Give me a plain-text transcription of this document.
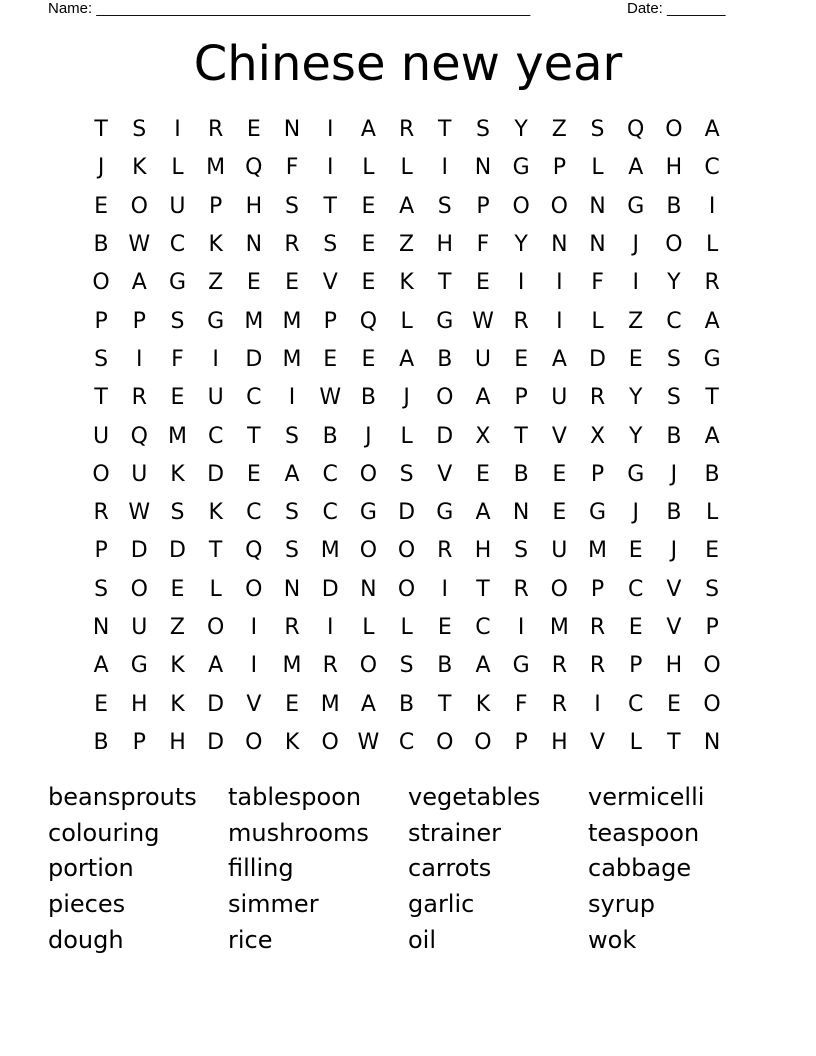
Name: ____________________________________________________	Date: _______
Chinese new year
T	S	I	R	E	N	I	A	R	T	S	Y	Z	S	Q O	A
J	K	L	M Q	F	I	L	L	I	N G	P	L	A	H	C
E	O U	P	H	S	T	E	A	S	P	O O N G	B	I
B W C	K	N	R	S	E	Z	H	F	Y	N N	J	O	L
O	A	G	Z	E	E	V	E	K	T	E	I	I	F	I	Y	R
P	P	S	G M M	P	Q	L	G W R	I	L	Z	C	A
S	I	F	I	D M E	E	A	B	U	E	A	D	E	S	G
T	R	E	U	C	I	W B	J	O	A	P	U	R	Y	S	T
U Q M C	T	S	B	J	L	D	X	T	V	X	Y	B	A
O U	K	D	E	A	C O	S	V	E	B	E	P	G	J	B
R W S	K	C	S	C G D G	A	N	E	G	J	B	L
P	D D	T	Q	S M O O R	H	S	U M E	J	E
S	O	E	L	O N D N O	I	T	R O	P	C	V	S
N U	Z O	I	R	I	L	L	E	C	I	M R	E	V	P
A	G	K	A	I	M R O	S	B	A	G	R	R	P	H O
E	H	K	D	V	E M A	B	T	K	F	R	I	C	E	O
B	P	H D O	K	O W C O O	P	H	V	L	T	N
beansprouts	tablespoon	vegetables	vermicelli
colouring	mushrooms	strainer	teaspoon
portion	filling	carrots	cabbage
pieces	simmer	garlic	syrup
dough	rice	oil	wok
